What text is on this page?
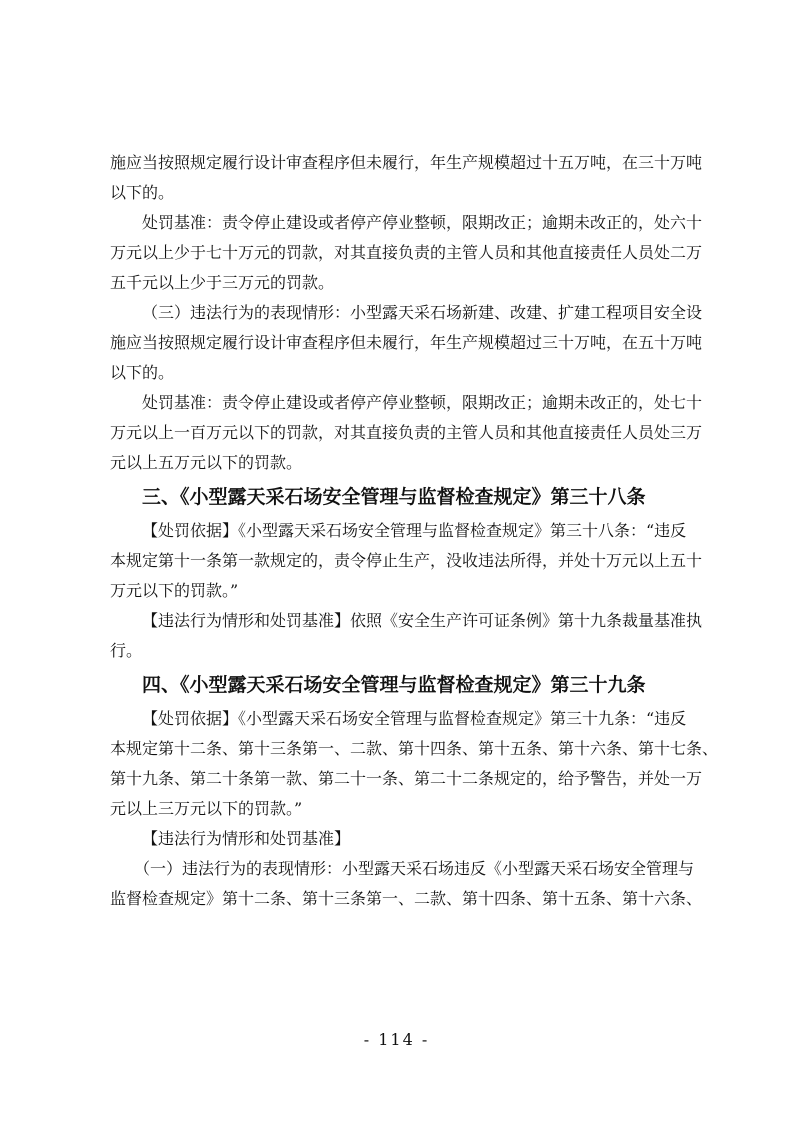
施应当按照规定履行设计审查程序但未履行，年生产规模超过十五万吨，在三十万吨
以下的。
处罚基准：责令停止建设或者停产停业整顿，限期改正；逾期未改正的，处六十
万元以上少于七十万元的罚款，对其直接负责的主管人员和其他直接责任人员处二万
五千元以上少于三万元的罚款。
（三）违法行为的表现情形：小型露天采石场新建、改建、扩建工程项目安全设
施应当按照规定履行设计审查程序但未履行，年生产规模超过三十万吨，在五十万吨
以下的。
处罚基准：责令停止建设或者停产停业整顿，限期改正；逾期未改正的，处七十
万元以上一百万元以下的罚款，对其直接负责的主管人员和其他直接责任人员处三万
元以上五万元以下的罚款。
三、《小型露天采石场安全管理与监督检查规定》第三十八条
【处罚依据】《小型露天采石场安全管理与监督检查规定》第三十八条：“违反
本规定第十一条第一款规定的，责令停止生产，没收违法所得，并处十万元以上五十
万元以下的罚款。”
【违法行为情形和处罚基准】依照《安全生产许可证条例》第十九条裁量基准执
行。
四、《小型露天采石场安全管理与监督检查规定》第三十九条
【处罚依据】《小型露天采石场安全管理与监督检查规定》第三十九条：“违反
本规定第十二条、第十三条第一、二款、第十四条、第十五条、第十六条、第十七条、
第十九条、第二十条第一款、第二十一条、第二十二条规定的，给予警告，并处一万
元以上三万元以下的罚款。”
【违法行为情形和处罚基准】
（一）违法行为的表现情形：小型露天采石场违反《小型露天采石场安全管理与
监督检查规定》第十二条、第十三条第一、二款、第十四条、第十五条、第十六条、
- 114 -
